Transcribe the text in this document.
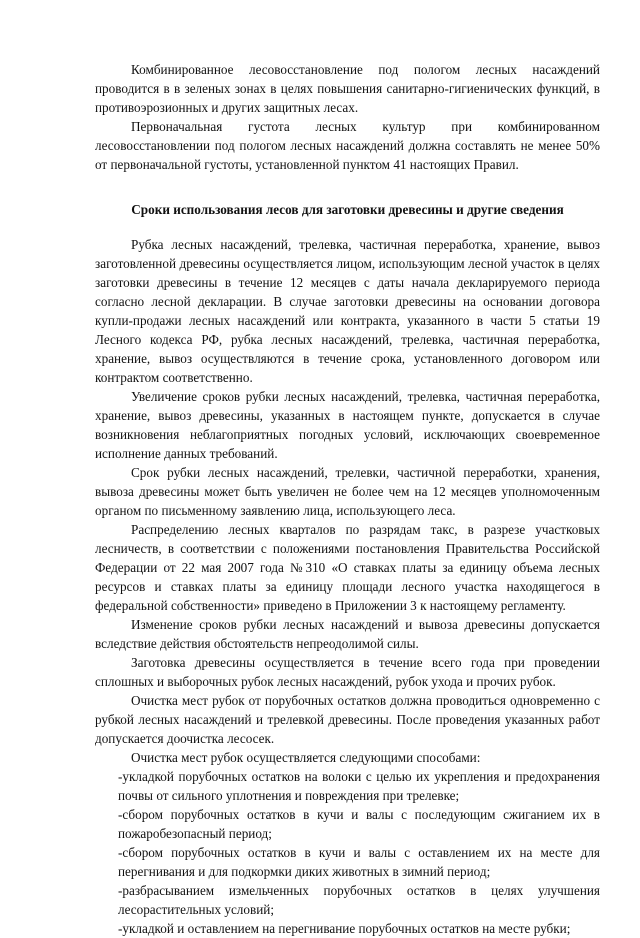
Комбинированное лесовосстановление под пологом лесных насаждений проводится в в зеленых зонах в целях повышения санитарно-гигиенических функций, в противоэрозионных и других защитных лесах.

Первоначальная густота лесных культур при комбинированном лесовосстановлении под пологом лесных насаждений должна составлять не менее 50% от первоначальной густоты, установленной пунктом 41 настоящих Правил.

Сроки использования лесов для заготовки древесины и другие сведения

Рубка лесных насаждений, трелевка, частичная переработка, хранение, вывоз заготовленной древесины осуществляется лицом, использующим лесной участок в целях заготовки древесины в течение 12 месяцев с даты начала декларируемого периода согласно лесной декларации. В случае заготовки древесины на основании договора купли-продажи лесных насаждений или контракта, указанного в части 5 статьи 19 Лесного кодекса РФ, рубка лесных насаждений, трелевка, частичная переработка, хранение, вывоз осуществляются в течение срока, установленного договором или контрактом соответственно.

Увеличение сроков рубки лесных насаждений, трелевка, частичная переработка, хранение, вывоз древесины, указанных в настоящем пункте, допускается в случае возникновения неблагоприятных погодных условий, исключающих своевременное исполнение данных требований.

Срок рубки лесных насаждений, трелевки, частичной переработки, хранения, вывоза древесины может быть увеличен не более чем на 12 месяцев уполномоченным органом по письменному заявлению лица, использующего леса.

Распределению лесных кварталов по разрядам такс, в разрезе участковых лесничеств, в соответствии с положениями постановления Правительства Российской Федерации от 22 мая 2007 года №310 «О ставках платы за единицу объема лесных ресурсов и ставках платы за единицу площади лесного участка находящегося в федеральной собственности» приведено в Приложении 3 к настоящему регламенту.

Изменение сроков рубки лесных насаждений и вывоза древесины допускается вследствие действия обстоятельств непреодолимой силы.

Заготовка древесины осуществляется в течение всего года при проведении сплошных и выборочных рубок лесных насаждений, рубок ухода и прочих рубок.

Очистка мест рубок от порубочных остатков должна проводиться одновременно с рубкой лесных насаждений и трелевкой древесины. После проведения указанных работ допускается доочистка лесосек.

Очистка мест рубок осуществляется следующими способами:

-укладкой порубочных остатков на волоки с целью их укрепления и предохранения почвы от сильного уплотнения и повреждения при трелевке;

-сбором порубочных остатков в кучи и валы с последующим сжиганием их в пожаробезопасный период;

-сбором порубочных остатков в кучи и валы с оставлением их на месте для перегнивания и для подкормки диких животных в зимний период;

-разбрасыванием измельченных порубочных остатков в целях улучшения лесорастительных условий;

-укладкой и оставлением на перегнивание порубочных остатков на месте рубки;
